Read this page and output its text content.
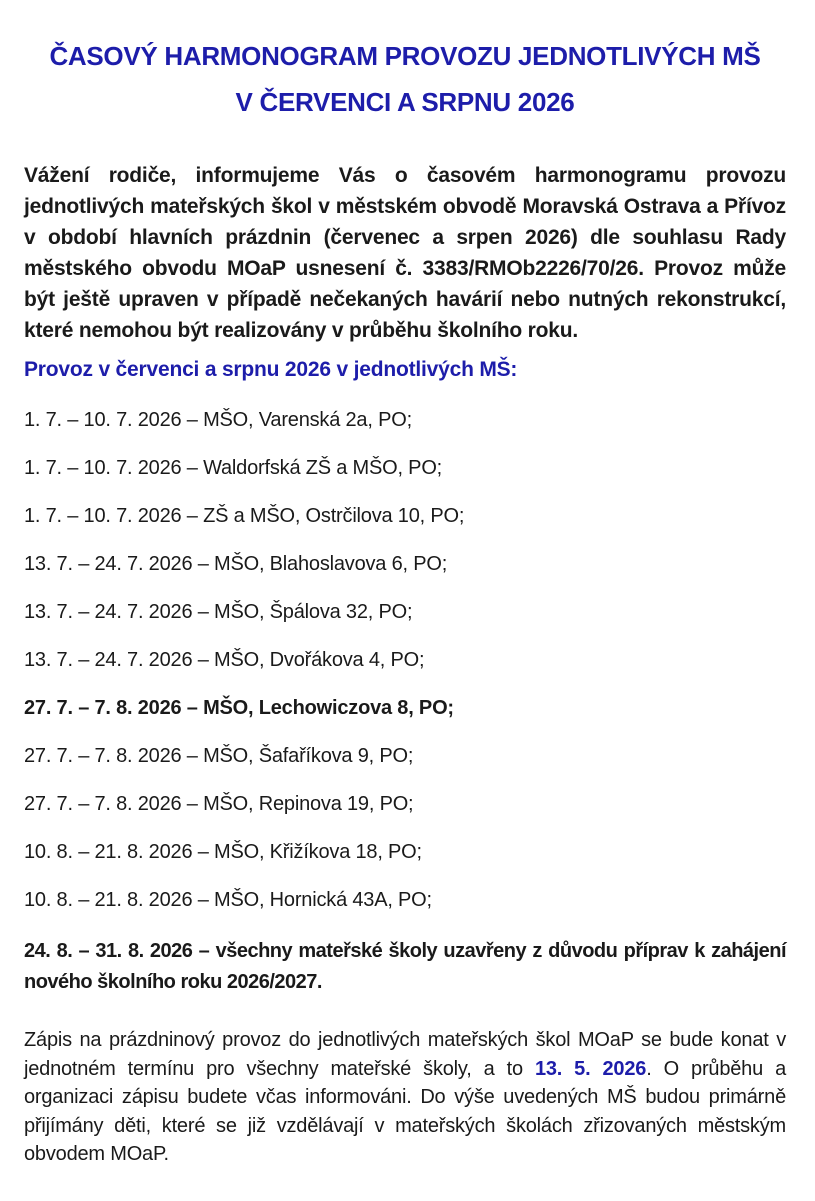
ČASOVÝ HARMONOGRAM PROVOZU JEDNOTLIVÝCH MŠ
V ČERVENCI A SRPNU 2026

Vážení rodiče, informujeme Vás o časovém harmonogramu provozu jednotlivých mateřských škol v městském obvodě Moravská Ostrava a Přívoz v období hlavních prázdnin (červenec a srpen 2026) dle souhlasu Rady městského obvodu MOaP usnesení č. 3383/RMOb2226/70/26. Provoz může být ještě upraven v případě nečekaných havárií nebo nutných rekonstrukcí, které nemohou být realizovány v průběhu školního roku.

Provoz v červenci a srpnu 2026 v jednotlivých MŠ:

1. 7. – 10. 7. 2026 – MŠO, Varenská 2a, PO;
1. 7. – 10. 7. 2026 – Waldorfská ZŠ a MŠO, PO;
1. 7. – 10. 7. 2026 – ZŠ a MŠO, Ostrčilova 10, PO;
13. 7. – 24. 7. 2026 – MŠO, Blahoslavova 6, PO;
13. 7. – 24. 7. 2026 – MŠO, Špálova 32, PO;
13. 7. – 24. 7. 2026 – MŠO, Dvořákova 4, PO;
27. 7. – 7. 8. 2026 – MŠO, Lechowiczova 8, PO;
27. 7. – 7. 8. 2026 – MŠO, Šafaříkova 9, PO;
27. 7. – 7. 8. 2026 – MŠO, Repinova 19, PO;
10. 8. – 21. 8. 2026 – MŠO, Křižíkova 18, PO;
10. 8. – 21. 8. 2026 – MŠO, Hornická 43A, PO;

24. 8. – 31. 8. 2026 – všechny mateřské školy uzavřeny z důvodu příprav k zahájení nového školního roku 2026/2027.

Zápis na prázdninový provoz do jednotlivých mateřských škol MOaP se bude konat v jednotném termínu pro všechny mateřské školy, a to 13. 5. 2026. O průběhu a organizaci zápisu budete včas informováni. Do výše uvedených MŠ budou primárně přijímány děti, které se již vzdělávají v mateřských školách zřizovaných městským obvodem MOaP.
